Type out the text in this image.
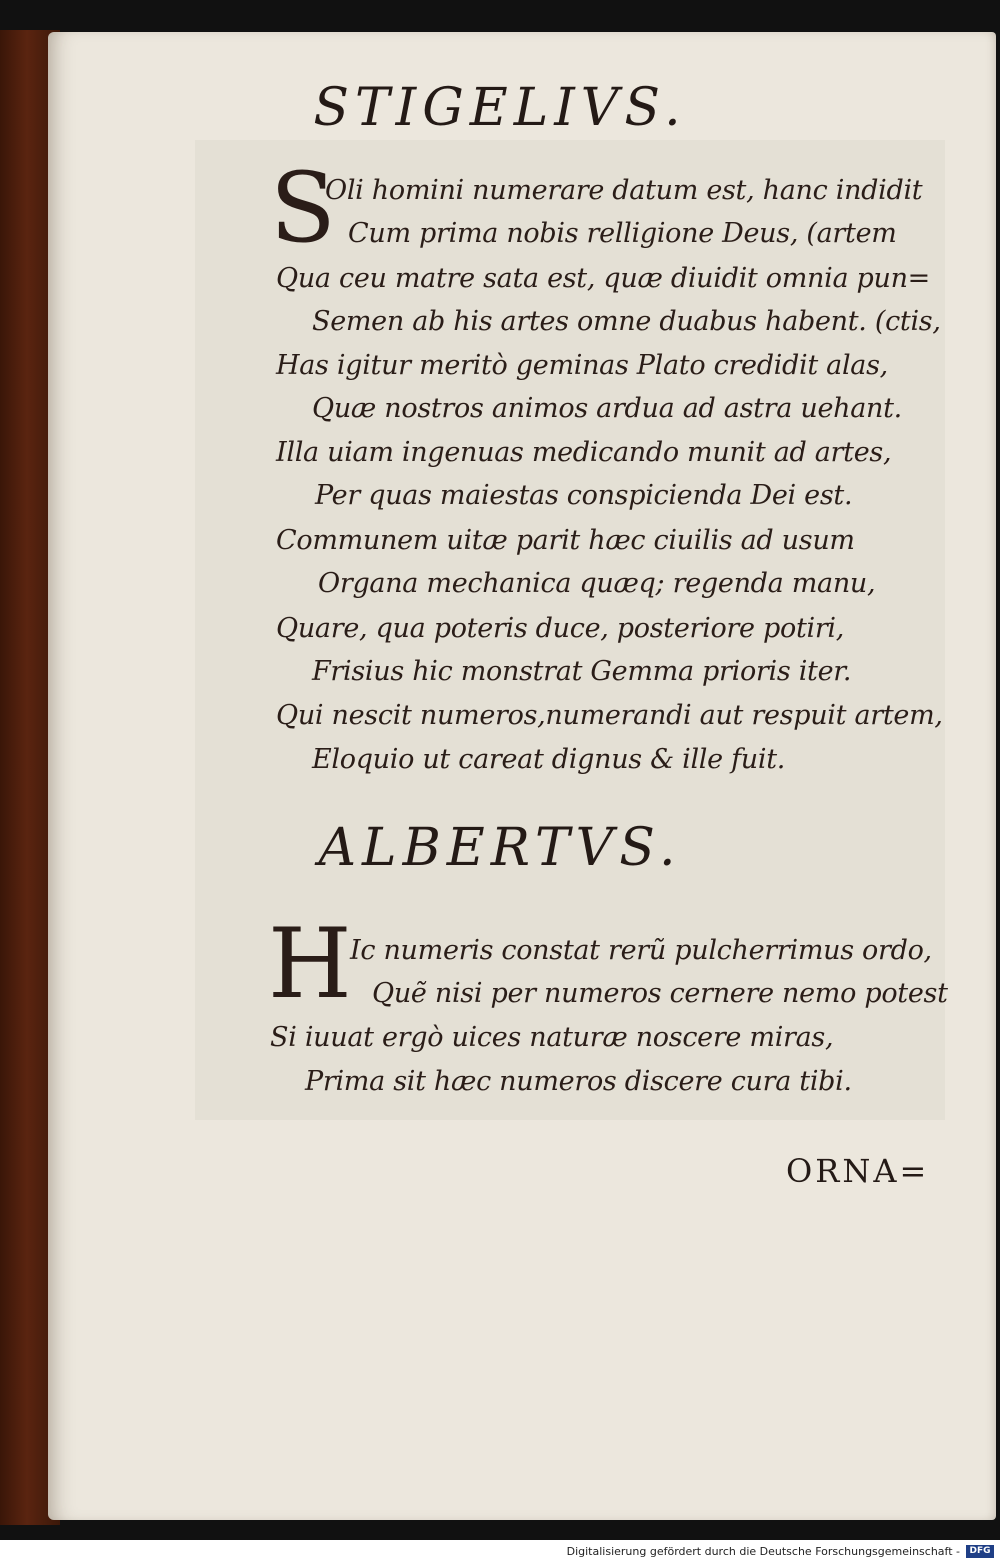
STIGELIVS.
S
Oli homini numerare datum est, hanc indidit
Cum prima nobis relligione Deus, (artem
Qua ceu matre sata est, quæ diuidit omnia pun=
Semen ab his artes omne duabus habent. (ctis,
Has igitur meritò geminas Plato credidit alas,
Quæ nostros animos ardua ad astra uehant.
Illa uiam ingenuas medicando munit ad artes,
Per quas maiestas conspicienda Dei est.
Communem uitæ parit hæc ciuilis ad usum
Organa mechanica quæq; regenda manu,
Quare, qua poteris duce, posteriore potiri,
Frisius hic monstrat Gemma prioris iter.
Qui nescit numeros,numerandi aut respuit artem,
Eloquio ut careat dignus & ille fuit.
ALBERTVS.
H
Ic numeris constat rerũ pulcherrimus ordo,
Quẽ nisi per numeros cernere nemo potest
Si iuuat ergò uices naturæ noscere miras,
Prima sit hæc numeros discere cura tibi.
ORNA=
Digitalisierung gefördert durch die Deutsche Forschungsgemeinschaft -	DFG
